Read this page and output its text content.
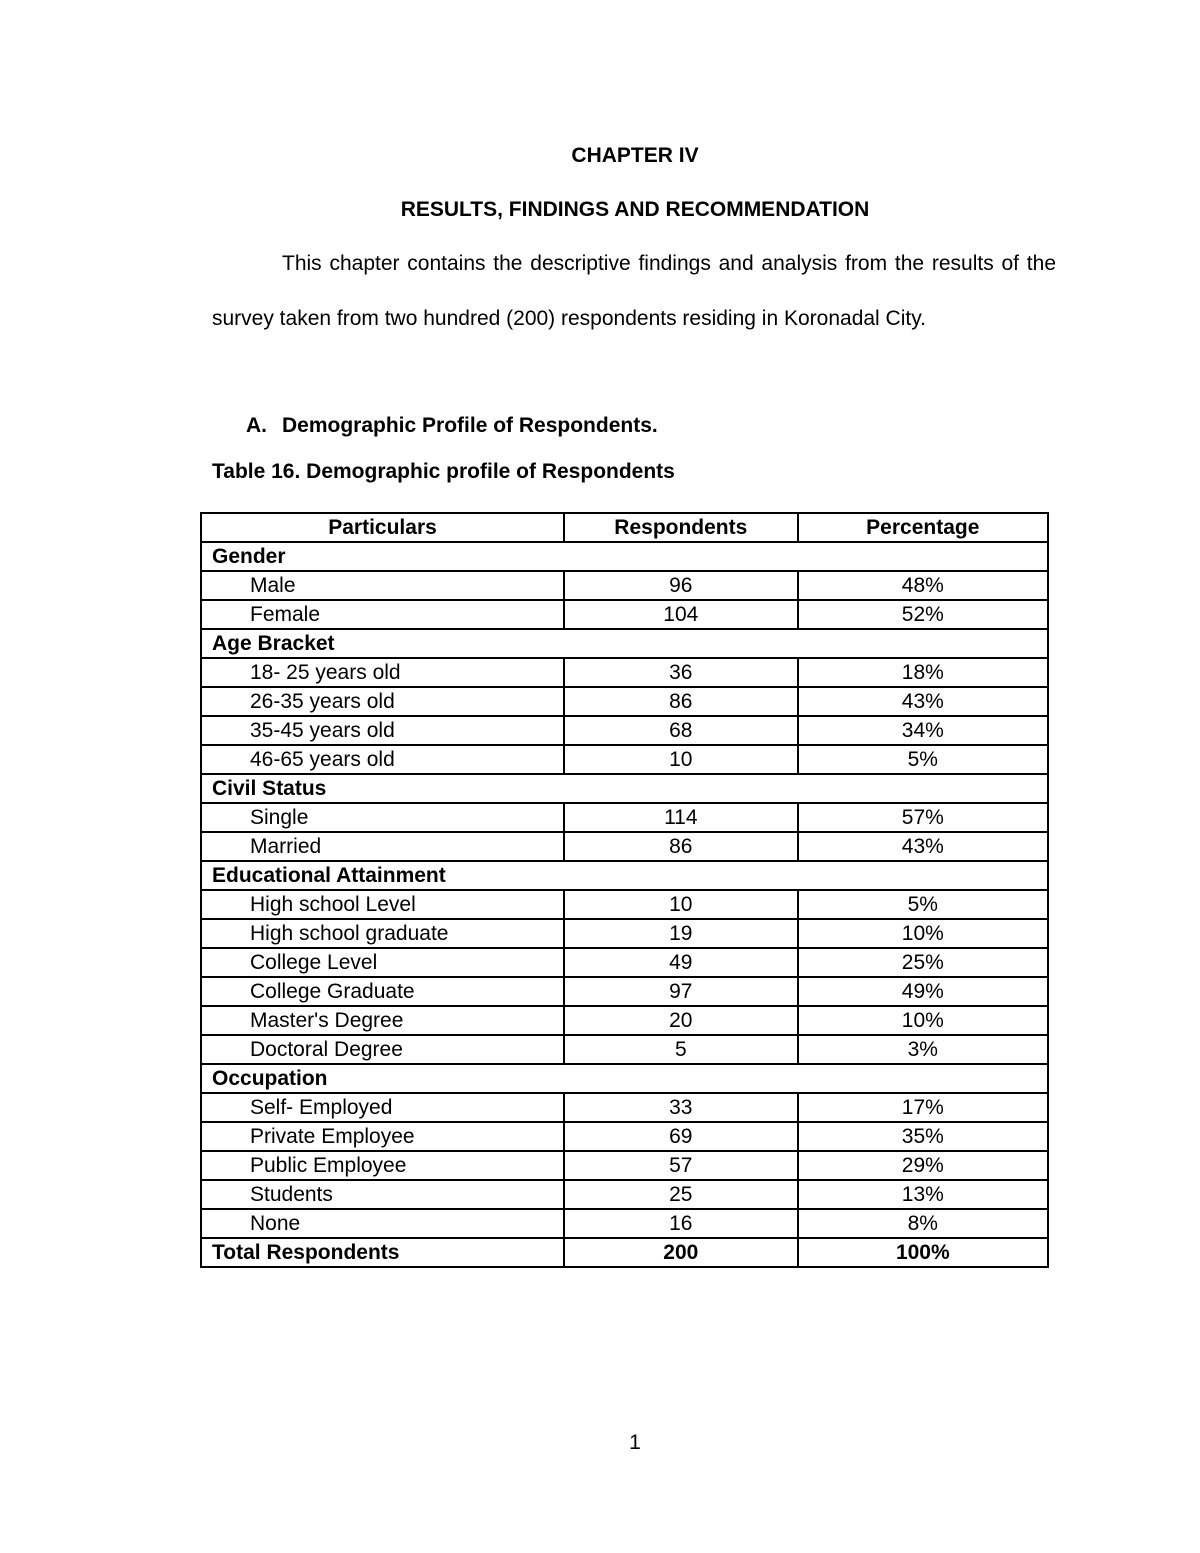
CHAPTER IV
RESULTS, FINDINGS AND RECOMMENDATION

This chapter contains the descriptive findings and analysis from the results of the survey taken from two hundred (200) respondents residing in Koronadal City.

A. Demographic Profile of Respondents.
Table 16. Demographic profile of Respondents
Particulars	Respondents	Percentage
Gender		
Male	96	48%
Female	104	52%
Age Bracket		
18- 25 years old	36	18%
26-35 years old	86	43%
35-45 years old	68	34%
46-65 years old	10	5%
Civil Status		
Single	114	57%
Married	86	43%
Educational Attainment		
High school Level	10	5%
High school graduate	19	10%
College Level	49	25%
College Graduate	97	49%
Master's Degree	20	10%
Doctoral Degree	5	3%
Occupation		
Self- Employed	33	17%
Private Employee	69	35%
Public Employee	57	29%
Students	25	13%
None	16	8%
Total Respondents	200	100%
1
